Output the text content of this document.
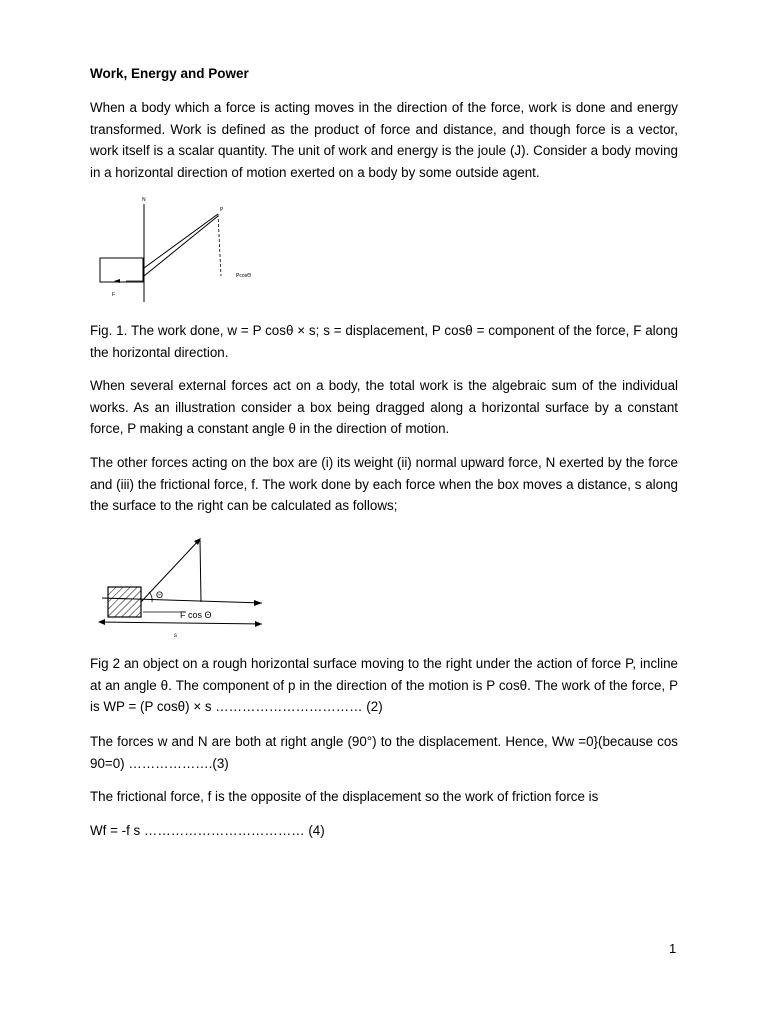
Work, Energy and Power

When a body which a force is acting moves in the direction of the force, work is done and energy transformed. Work is defined as the product of force and distance, and though force is a vector, work itself is a scalar quantity. The unit of work and energy is the joule (J). Consider a body moving in a horizontal direction of motion exerted on a body by some outside agent.

N
P
PcosΘ
F

Fig. 1. The work done, w = P cosθ × s; s = displacement, P cosθ = component of the force, F along the horizontal direction.

When several external forces act on a body, the total work is the algebraic sum of the individual works. As an illustration consider a box being dragged along a horizontal surface by a constant force, P making a constant angle θ in the direction of motion.

The other forces acting on the box are (i) its weight (ii) normal upward force, N exerted by the force and (iii) the frictional force, f. The work done by each force when the box moves a distance, s along the surface to the right can be calculated as follows;

Θ
F cos Θ
s

Fig 2 an object on a rough horizontal surface moving to the right under the action of force P, incline at an angle θ. The component of p in the direction of the motion is P cosθ. The work of the force, P is WP = (P cosθ) × s …………………………… (2)

The forces w and N are both at right angle (90°) to the displacement. Hence, Ww =0}(because cos 90=0) ……………….(3)

The frictional force, f is the opposite of the displacement so the work of friction force is

Wf = -f s ……………………………… (4)

1
